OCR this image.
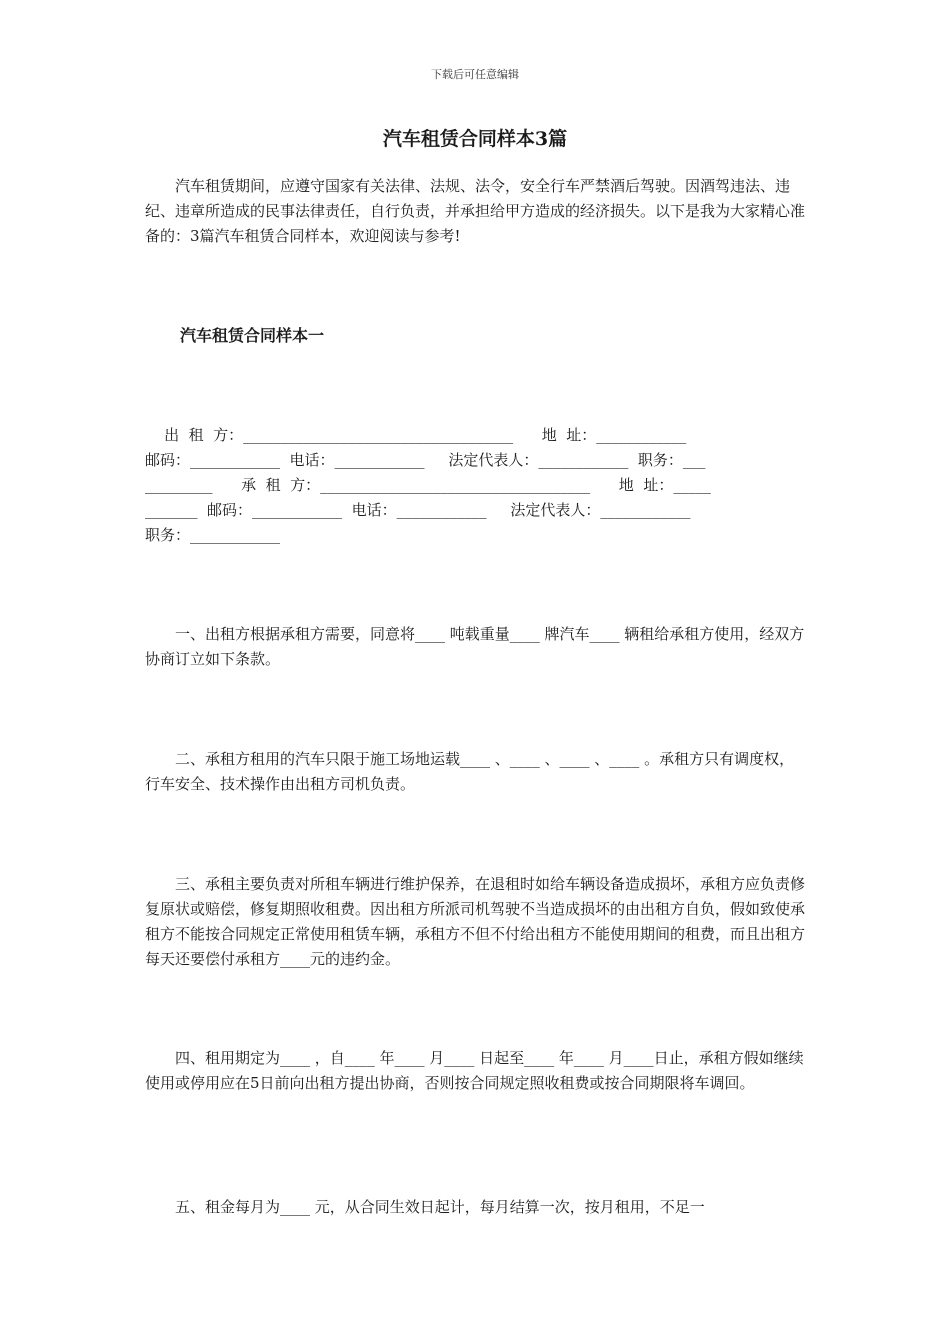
下载后可任意编辑
汽车租赁合同样本3篇

汽车租赁期间，应遵守国家有关法律、法规、法令，安全行车严禁酒后驾驶。因酒驾违法、违纪、违章所造成的民事法律责任，自行负责，并承担给甲方造成的经济损失。以下是我为大家精心准备的：3篇汽车租赁合同样本，欢迎阅读与参考!

汽车租赁合同样本一

出  租  方：____________________________________      地  址：____________

邮码：____________  电话：____________     法定代表人：____________  职务：___

_________      承  租  方：____________________________________      地  址：_____

_______  邮码：____________  电话：____________     法定代表人：____________

职务：____________

一、出租方根据承租方需要，同意将____ 吨载重量____ 牌汽车____ 辆租给承租方使用，经双方协商订立如下条款。

二、承租方租用的汽车只限于施工场地运载____ 、____ 、____ 、____ 。承租方只有调度权，行车安全、技术操作由出租方司机负责。

三、承租主要负责对所租车辆进行维护保养，在退租时如给车辆设备造成损坏，承租方应负责修复原状或赔偿，修复期照收租费。因出租方所派司机驾驶不当造成损坏的由出租方自负，假如致使承租方不能按合同规定正常使用租赁车辆，承租方不但不付给出租方不能使用期间的租费，而且出租方每天还要偿付承租方____元的违约金。

四、租用期定为____ ，自____ 年____ 月____ 日起至____ 年____ 月____日止，承租方假如继续使用或停用应在5日前向出租方提出协商，否则按合同规定照收租费或按合同期限将车调回。

五、租金每月为____ 元，从合同生效日起计，每月结算一次，按月租用，不足一
